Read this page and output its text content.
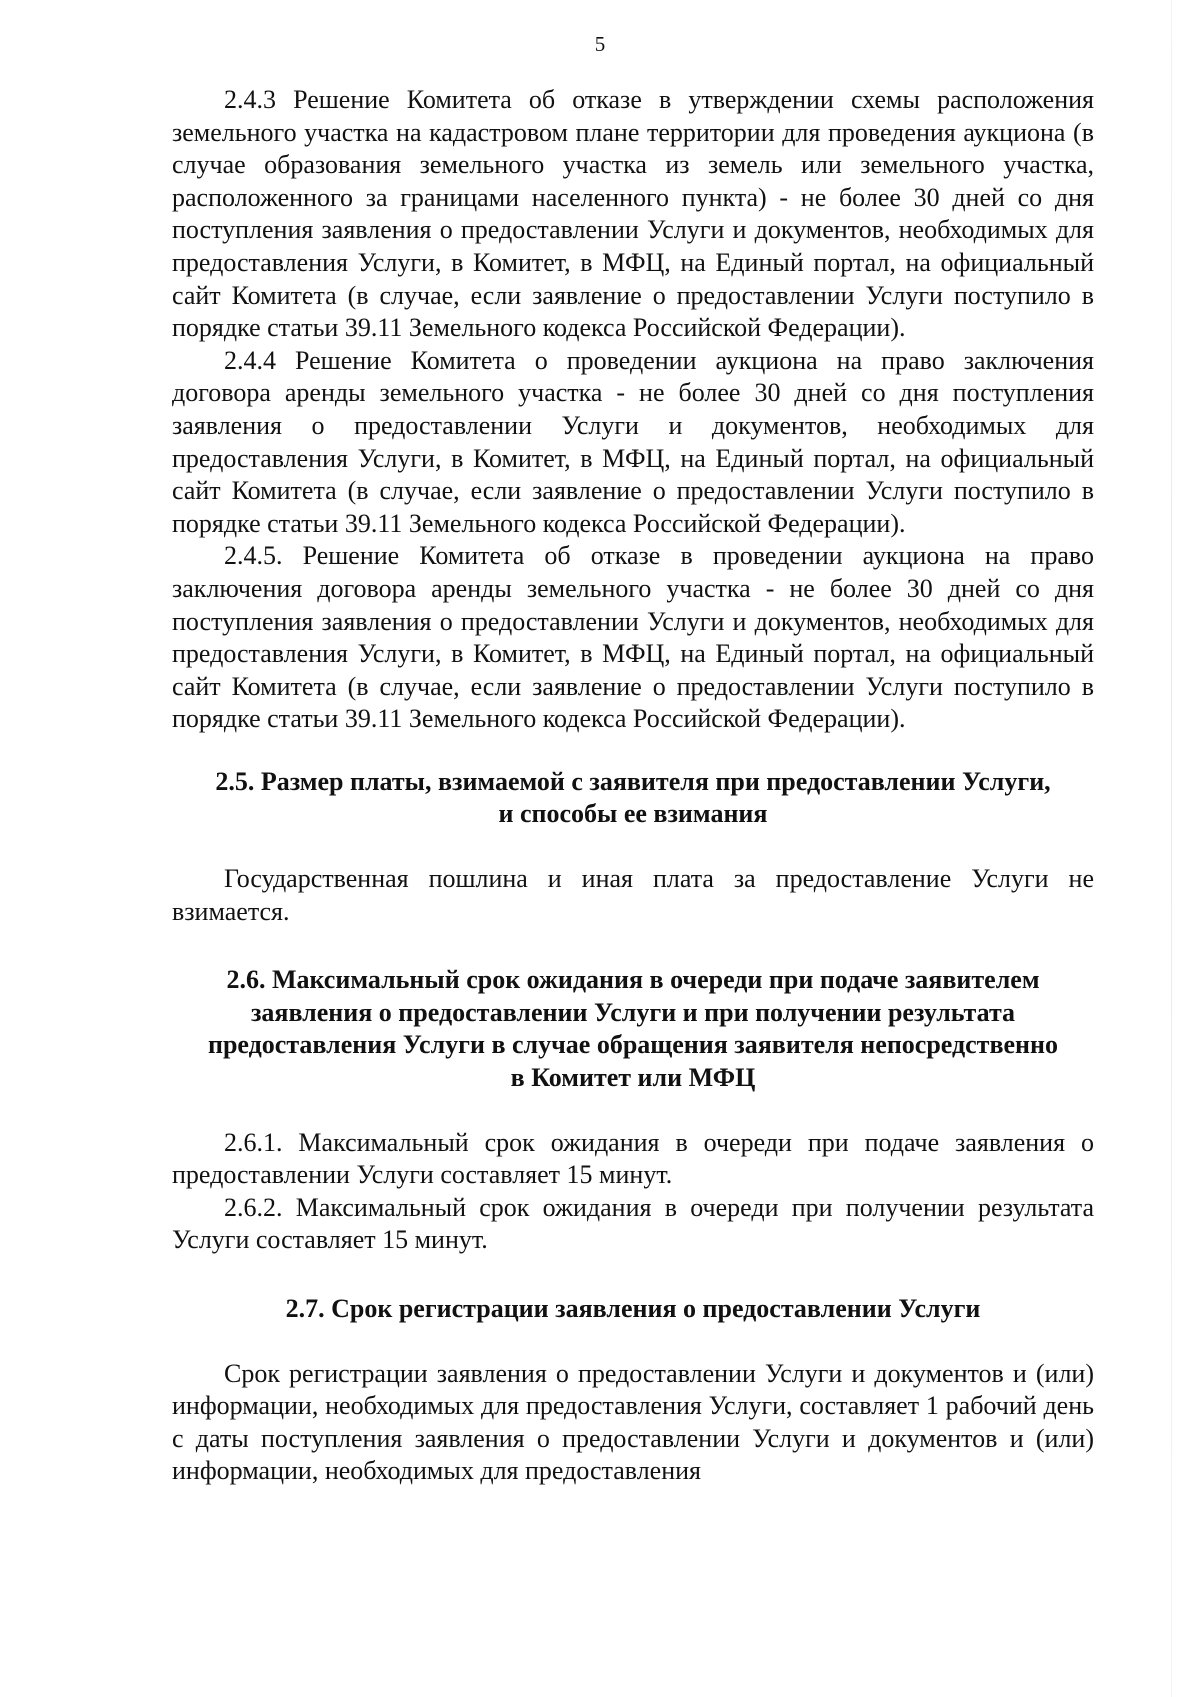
5

2.4.3 Решение Комитета об отказе в утверждении схемы расположения земельного участка на кадастровом плане территории для проведения аукциона (в случае образования земельного участка из земель или земельного участка, расположенного за границами населенного пункта) - не более 30 дней со дня поступления заявления о предоставлении Услуги и документов, необходимых для предоставления Услуги, в Комитет, в МФЦ, на Единый портал, на официальный сайт Комитета (в случае, если заявление о предоставлении Услуги поступило в порядке статьи 39.11 Земельного кодекса Российской Федерации).

2.4.4 Решение Комитета о проведении аукциона на право заключения договора аренды земельного участка - не более 30 дней со дня поступления заявления о предоставлении Услуги и документов, необходимых для предоставления Услуги, в Комитет, в МФЦ, на Единый портал, на официальный сайт Комитета (в случае, если заявление о предоставлении Услуги поступило в порядке статьи 39.11 Земельного кодекса Российской Федерации).

2.4.5. Решение Комитета об отказе в проведении аукциона на право заключения договора аренды земельного участка - не более 30 дней со дня поступления заявления о предоставлении Услуги и документов, необходимых для предоставления Услуги, в Комитет, в МФЦ, на Единый портал, на официальный сайт Комитета (в случае, если заявление о предоставлении Услуги поступило в порядке статьи 39.11 Земельного кодекса Российской Федерации).

2.5. Размер платы, взимаемой с заявителя при предоставлении Услуги,
и способы ее взимания

Государственная пошлина и иная плата за предоставление Услуги не взимается.

2.6. Максимальный срок ожидания в очереди при подаче заявителем
заявления о предоставлении Услуги и при получении результата
предоставления Услуги в случае обращения заявителя непосредственно
в Комитет или МФЦ

2.6.1. Максимальный срок ожидания в очереди при подаче заявления о предоставлении Услуги составляет 15 минут.

2.6.2. Максимальный срок ожидания в очереди при получении результата Услуги составляет 15 минут.

2.7. Срок регистрации заявления о предоставлении Услуги

Срок регистрации заявления о предоставлении Услуги и документов и (или) информации, необходимых для предоставления Услуги, составляет 1 рабочий день с даты поступления заявления о предоставлении Услуги и документов и (или) информации, необходимых для предоставления
